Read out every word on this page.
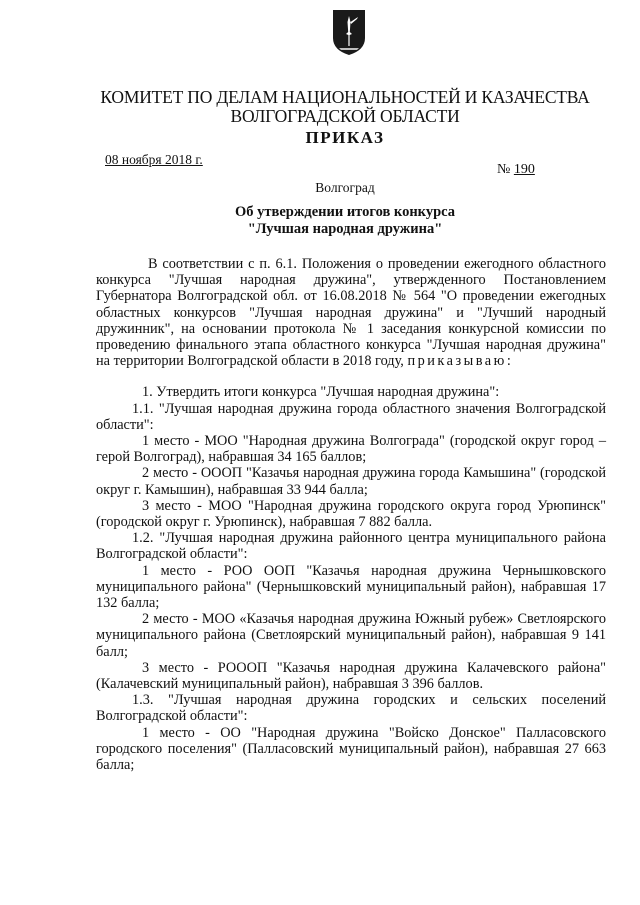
КОМИТЕТ ПО ДЕЛАМ НАЦИОНАЛЬНОСТЕЙ И КАЗАЧЕСТВА
ВОЛГОГРАДСКОЙ ОБЛАСТИ
ПРИКАЗ
08 ноября 2018 г.
№ 190
Волгоград
Об утверждении итогов конкурса
"Лучшая народная дружина"

В соответствии с п. 6.1. Положения о проведении ежегодного областного конкурса "Лучшая народная дружина", утвержденного Постановлением Губернатора Волгоградской обл. от 16.08.2018 № 564 "О проведении ежегодных областных конкурсов "Лучшая народная дружина" и "Лучший народный дружинник", на основании протокола № 1 заседания конкурсной комиссии по проведению финального этапа областного конкурса "Лучшая народная дружина" на территории Волгоградской области в 2018 году, приказываю:

1. Утвердить итоги конкурса "Лучшая народная дружина":

1.1. "Лучшая народная дружина города областного значения Волгоградской области":

1 место - МОО "Народная дружина Волгограда" (городской округ город – герой Волгоград), набравшая 34 165 баллов;

2 место - ОООП "Казачья народная дружина города Камышина" (городской округ г. Камышин), набравшая 33 944 балла;

3 место - МОО "Народная дружина городского округа город Урюпинск" (городской округ г. Урюпинск), набравшая 7 882 балла.

1.2. "Лучшая народная дружина районного центра муниципального района Волгоградской области":

1 место - РОО ООП "Казачья народная дружина Чернышковского муниципального района" (Чернышковский муниципальный район), набравшая 17 132 балла;

2 место - МОО «Казачья народная дружина Южный рубеж» Светлоярского муниципального района (Светлоярский муниципальный район), набравшая 9 141 балл;

3 место - РОООП "Казачья народная дружина Калачевского района" (Калачевский муниципальный район), набравшая 3 396 баллов.

1.3. "Лучшая народная дружина городских и сельских поселений Волгоградской области":

1 место - ОО "Народная дружина "Войско Донское" Палласовского городского поселения" (Палласовский муниципальный район), набравшая 27 663 балла;
